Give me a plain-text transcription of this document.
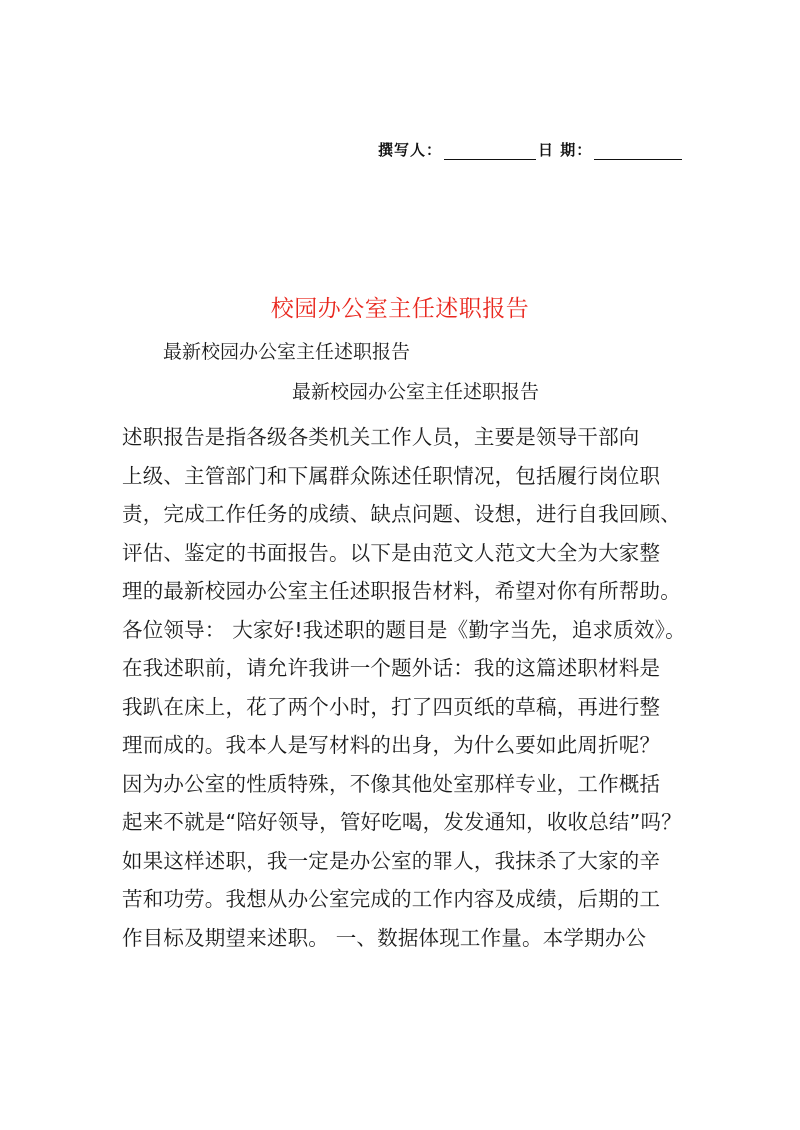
撰写人：	日 期：
校园办公室主任述职报告
最新校园办公室主任述职报告
最新校园办公室主任述职报告
述职报告是指各级各类机关工作人员，主要是领导干部向
上级、主管部门和下属群众陈述任职情况，包括履行岗位职
责，完成工作任务的成绩、缺点问题、设想，进行自我回顾、
评估、鉴定的书面报告。以下是由范文人范文大全为大家整
理的最新校园办公室主任述职报告材料，希望对你有所帮助。
各位领导： 大家好!我述职的题目是《勤字当先，追求质效》。
在我述职前，请允许我讲一个题外话：我的这篇述职材料是
我趴在床上，花了两个小时，打了四页纸的草稿，再进行整
理而成的。我本人是写材料的出身，为什么要如此周折呢？
因为办公室的性质特殊，不像其他处室那样专业，工作概括
起来不就是“陪好领导，管好吃喝，发发通知，收收总结”吗？
如果这样述职，我一定是办公室的罪人，我抹杀了大家的辛
苦和功劳。我想从办公室完成的工作内容及成绩，后期的工
作目标及期望来述职。 一、数据体现工作量。本学期办公
